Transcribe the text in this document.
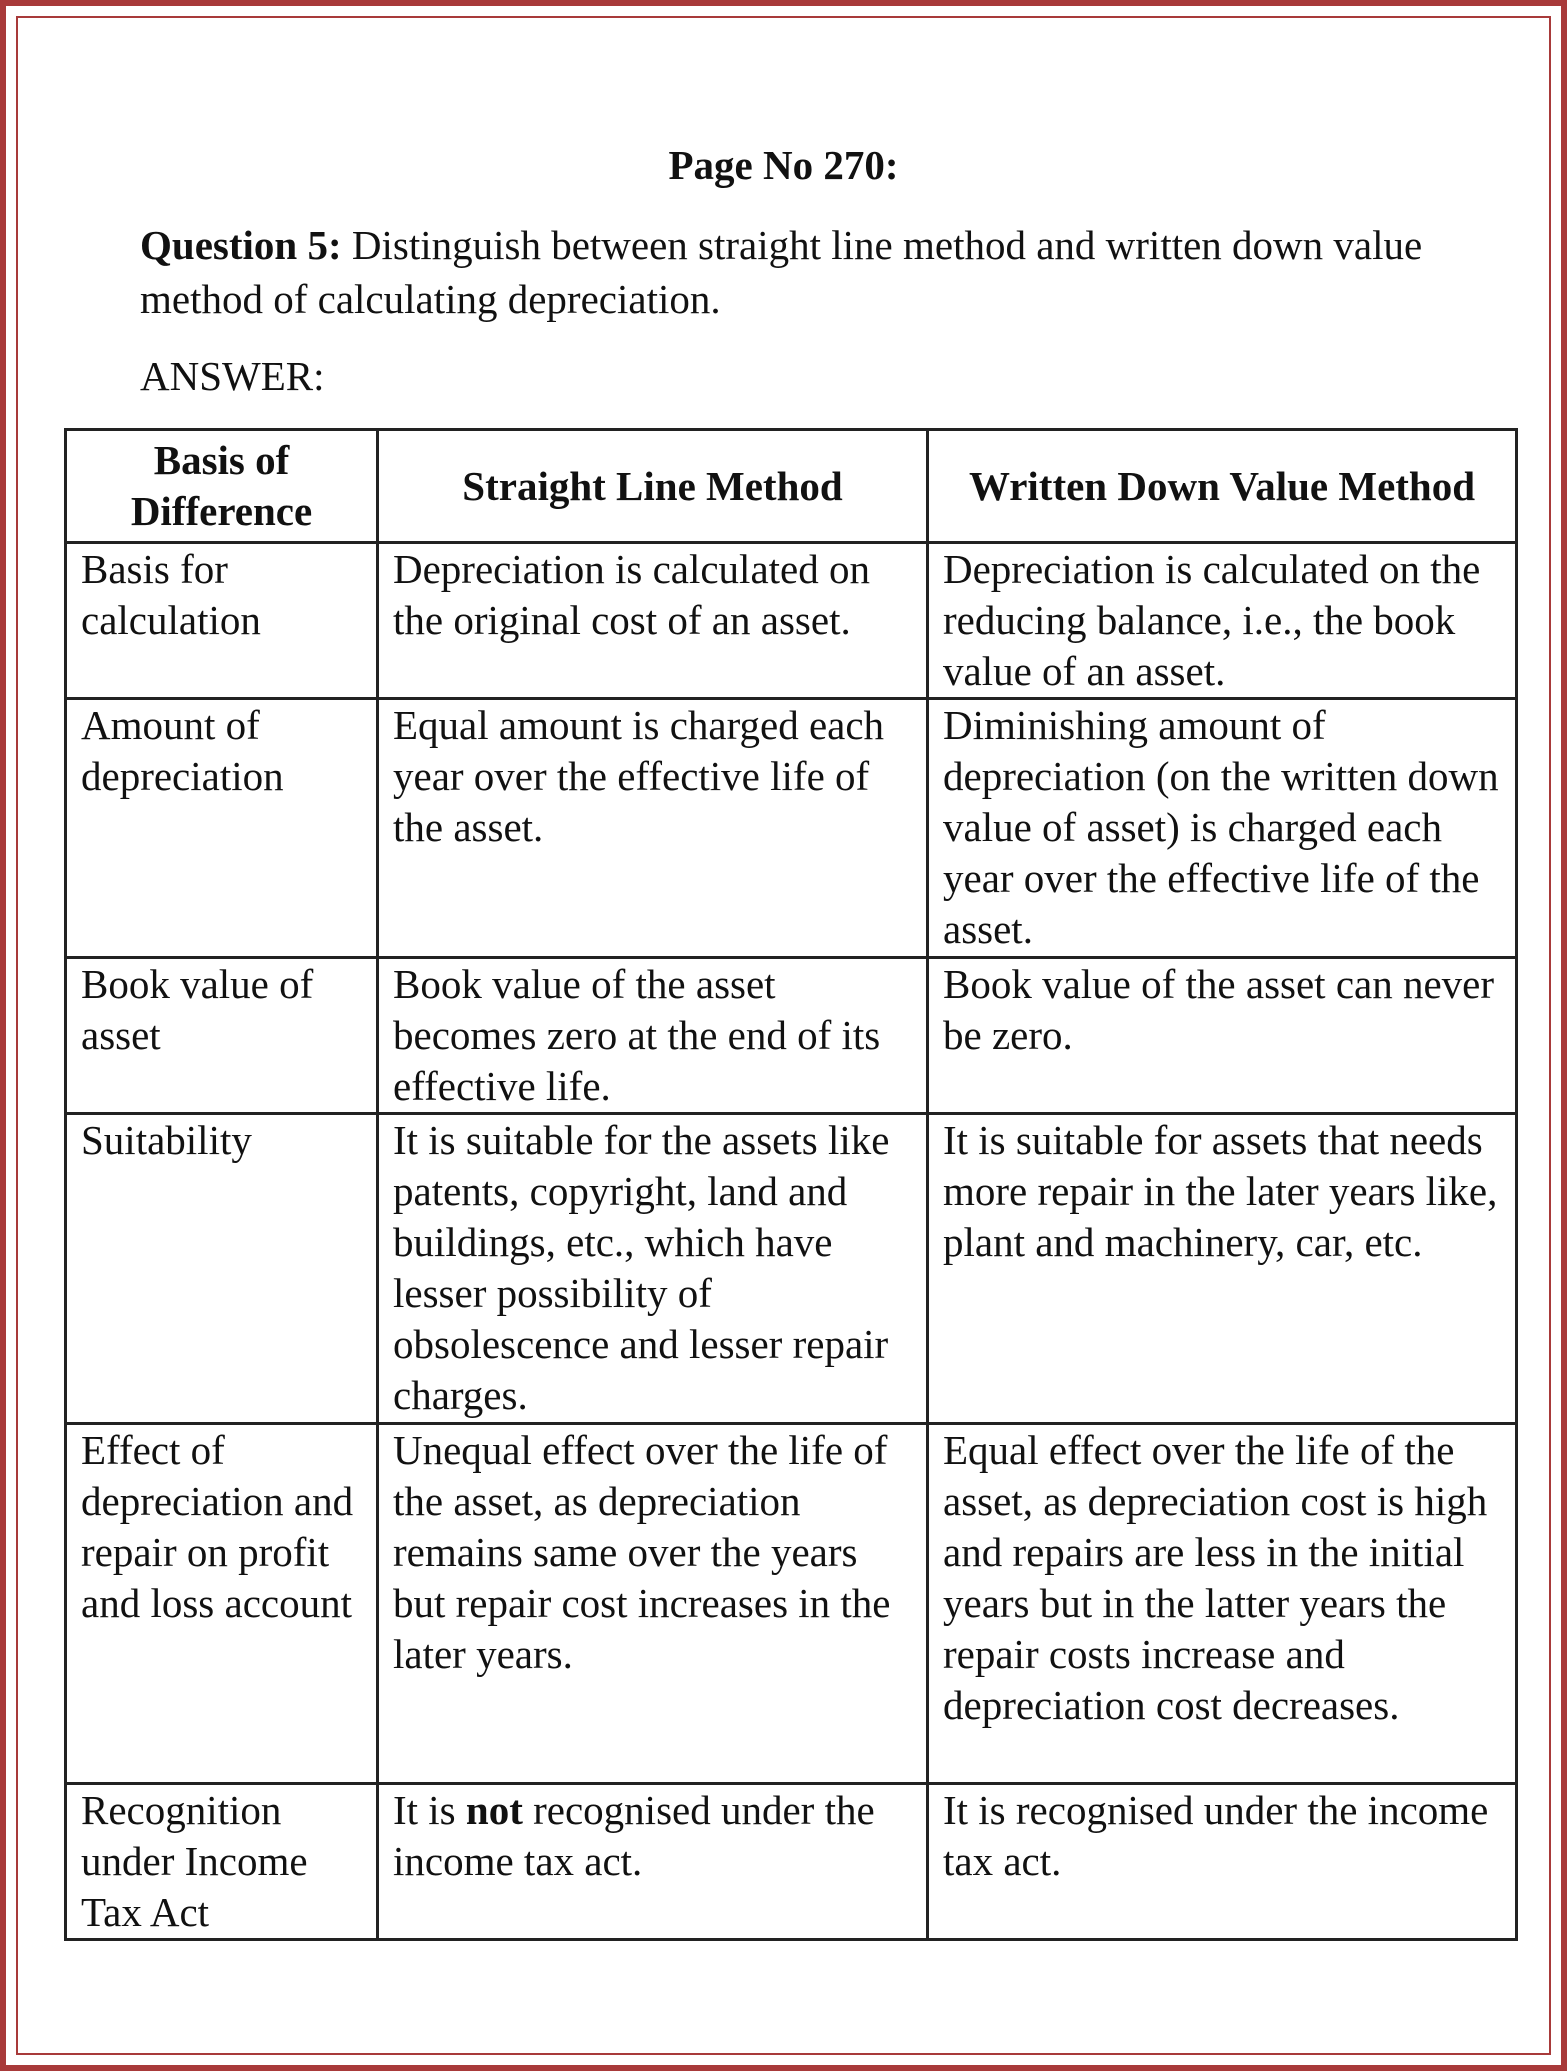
Page No 270:
Question 5: Distinguish between straight line method and written down value method of calculating depreciation.
ANSWER:
Basis of Difference	Straight Line Method	Written Down Value Method
Basis for calculation	Depreciation is calculated on the original cost of an asset.	Depreciation is calculated on the reducing balance, i.e., the book value of an asset.
Amount of depreciation	Equal amount is charged each year over the effective life of the asset.	Diminishing amount of depreciation (on the written down value of asset) is charged each year over the effective life of the asset.
Book value of asset	Book value of the asset becomes zero at the end of its effective life.	Book value of the asset can never be zero.
Suitability	It is suitable for the assets like patents, copyright, land and buildings, etc., which have lesser possibility of obsolescence and lesser repair charges.	It is suitable for assets that needs more repair in the later years like, plant and machinery, car, etc.
Effect of depreciation and repair on profit and loss account	Unequal effect over the life of the asset, as depreciation remains same over the years but repair cost increases in the later years.	Equal effect over the life of the asset, as depreciation cost is high and repairs are less in the initial years but in the latter years the repair costs increase and depreciation cost decreases.
Recognition under Income Tax Act	It is not recognised under the income tax act.	It is recognised under the income tax act.
